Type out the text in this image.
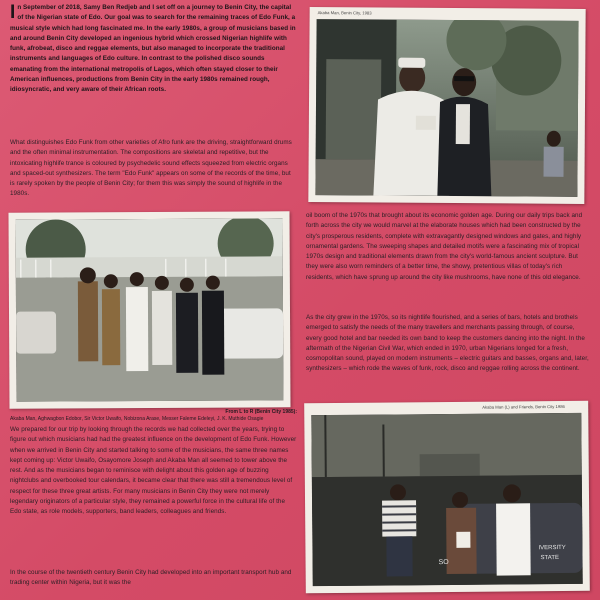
In September of 2018, Samy Ben Redjeb and I set off on a journey to Benin City, the capital of the Nigerian state of Edo. Our goal was to search for the remaining traces of Edo Funk, a musical style which had long fascinated me. In the early 1980s, a group of musicians based in and around Benin City developed an ingenious hybrid which crossed Nigerian highlife with funk, afrobeat, disco and reggae elements, but also managed to incorporate the traditional instruments and languages of Edo culture. In contrast to the polished disco sounds emanating from the international metropolis of Lagos, which often stayed closer to their American influences, productions from Benin City in the early 1980s remained rough, idiosyncratic, and very aware of their African roots.

What distinguishes Edo Funk from other varieties of Afro funk are the driving, straightforward drums and the often minimal instrumentation. The compositions are skeletal and repetitive, but the intoxicating highlife trance is coloured by psychedelic sound effects squeezed from electric organs and spaced-out synthesizers. The term "Edo Funk" appears on some of the records of the time, but is rarely spoken by the people of Benin City; for them this was simply the sound of highlife in the 1980s.

Akaba Man, Benin City, 1983
From L to R (Benin City 1985):
Akaba Man, Aghwagbon Edobor, Sir Victor Uwaifo, Nobizona Arase, Messer Faleme Edeleyi, J. K. Muthide Osagie

We prepared for our trip by looking through the records we had collected over the years, trying to figure out which musicians had had the greatest influence on the development of Edo Funk. However when we arrived in Benin City and started talking to some of the musicians, the same three names kept coming up: Victor Uwaifo, Osayomore Joseph and Akaba Man all seemed to tower above the rest. And as the musicians began to reminisce with delight about this golden age of buzzing nightclubs and overbooked tour calendars, it became clear that there was still a tremendous level of respect for these three great artists. For many musicians in Benin City they were not merely legendary originators of a particular style, they remained a powerful force in the cultural life of the Edo state, as role models, supporters, band leaders, colleagues and friends.

In the course of the twentieth century Benin City had developed into an important transport hub and trading center within Nigeria, but it was the

oil boom of the 1970s that brought about its economic golden age. During our daily trips back and forth across the city we would marvel at the elaborate houses which had been constructed by the city's prosperous residents, complete with extravagantly designed windows and gates, and highly ornamental gardens. The sweeping shapes and detailed motifs were a fascinating mix of tropical 1970s design and traditional elements drawn from the city's world-famous ancient sculpture. But they were also worn reminders of a better time, the showy, pretentious villas of today's rich residents, which have sprung up around the city like mushrooms, have none of this old elegance.

As the city grew in the 1970s, so its nightlife flourished, and a series of bars, hotels and brothels emerged to satisfy the needs of the many travellers and merchants passing through, of course, every good hotel and bar needed its own band to keep the customers dancing into the night. In the aftermath of the Nigerian Civil War, which ended in 1970, urban Nigerians longed for a fresh, cosmopolitan sound, played on modern instruments – electric guitars and basses, organs and, later, synthesizers – which rode the waves of funk, rock, disco and reggae rolling across the continent.

Akaba Man (L) and Friends, Benin City 1986
SO
IVERSITY
STATE
